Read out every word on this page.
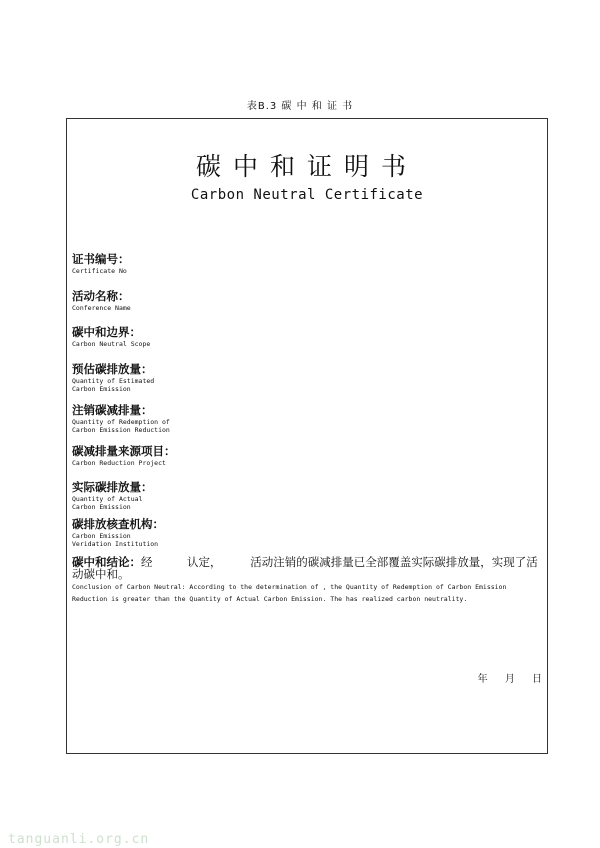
表B.3 碳 中 和 证 书
碳中和证明书
Carbon Neutral Certificate
证书编号：
Certificate No
活动名称：
Conference Name
碳中和边界：
Carbon Neutral Scope
预估碳排放量：
Quantity of Estimated
Carbon Emission
注销碳减排量：
Quantity of Redemption of
Carbon Emission Reduction
碳减排量来源项目：
Carbon Reduction Project
实际碳排放量：
Quantity of Actual
Carbon Emission
碳排放核查机构：
Carbon Emission
Veridation Institution
碳中和结论：经　　　认定，　　　活动注销的碳减排量已全部覆盖实际碳排放量，实现了活动碳中和。
Conclusion of Carbon Neutral: According to the determination of , the Quantity of Redemption of Carbon Emission Reduction is greater than the Quantity of Actual Carbon Emission. The has realized carbon neutrality.
年 月 日
tanguanli.org.cn
